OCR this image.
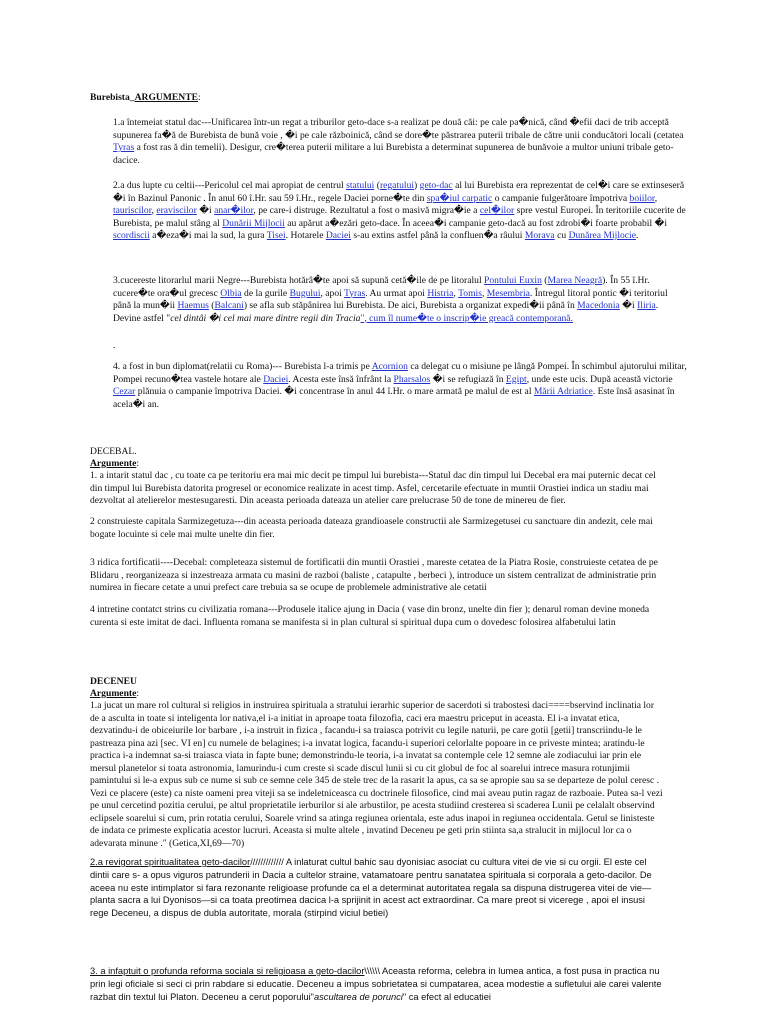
Burebista_ARGUMENTE:
1.a întemeiat statul dac---Unificarea într-un regat a triburilor geto-dace s-a realizat pe două căi: pe cale pa�nică, când �efii daci de trib acceptă supunerea fa�ă de Burebista de bună voie , �i pe cale războinică, când se dore�te păstrarea puterii tribale de către unii conducători locali (cetatea Tyras a fost ras ă din temelii). Desigur, cre�terea puterii militare a lui Burebista a determinat supunerea de bunăvoie a multor uniuni tribale geto-dacice.
2.a dus lupte cu celtii---Pericolul cel mai apropiat de centrul statului (regatului) geto-dac al lui Burebista era reprezentat de cel�i care se extinseseră �i în Bazinul Panonic . În anul 60 î.Hr. sau 59 î.Hr., regele Daciei porne�te din spa�iul carpatic o campanie fulgerătoare împotriva boiilor, tauriscilor, eraviscilor �i anar�ilor, pe care-i distruge. Rezultatul a fost o masivă migra�ie a cel�ilor spre vestul Europei. În teritoriile cucerite de Burebista, pe malul stâng al Dunării Mijlocii au apărut a�ezări geto-dace. În aceea�i campanie geto-dacă au fost zdrobi�i foarte probabil �i scordiscii a�eza�i mai la sud, la gura Tisei. Hotarele Daciei s-au extins astfel până la confluen�a râului Morava cu Dunărea Mijlocie.
3.cucereste litorarlul marii Negre---Burebista hotărâ�te apoi să supună cetă�ile de pe litoralul Pontului Euxin (Marea Neagră). În 55 î.Hr. cucere�te ora�ul grecesc Olbia de la gurile Bugului, apoi Tyras. Au urmat apoi Histria, Tomis, Mesembria. Întregul litoral pontic �i teritoriul până la mun�ii Haemus (Balcani) se afla sub stăpânirea lui Burebista. De aici, Burebista a organizat expedi�ii până în Macedonia �i Iliria. Devine astfel "cel dintâi �i cel mai mare dintre regii din Tracia", cum îl nume�te o inscrip�ie greacă contemporană.
.
4. a fost in bun diplomat(relatii cu Roma)--- Burebista l-a trimis pe Acornion ca delegat cu o misiune pe lângă Pompei. În schimbul ajutorului militar, Pompei recuno�tea vastele hotare ale Daciei. Acesta este însă înfrânt la Pharsalos �i se refugiază în Egipt, unde este ucis. După această victorie Cezar plănuia o campanie împotriva Daciei. �i concentrase în anul 44 î.Hr. o mare armată pe malul de est al Mării Adriatice. Este însă asasinat în acela�i an.
DECEBAL.
Argumente:
1. a intarit statul dac , cu toate ca pe teritoriu era mai mic decit pe timpul lui burebista---Statul dac din timpul lui Decebal era mai puternic decat cel din timpul lui Burebista datorita progresel or economice realizate in acest timp. Asfel, cercetarile efectuate in muntii Orastiei indica un stadiu mai dezvoltat al atelierelor mestesugaresti. Din aceasta perioada dateaza un atelier care prelucrase 50 de tone de minereu de fier.
2 construieste capitala Sarmizegetuza---din aceasta perioada dateaza grandioasele constructii ale Sarmizegetusei cu sanctuare din andezit, cele mai bogate locuinte si cele mai multe unelte din fier.
3 ridica fortificatii----Decebal: completeaza sistemul de fortificatii din muntii Orastiei , mareste cetatea de la Piatra Rosie, construieste cetatea de pe Blidaru , reorganizeaza si inzestreaza armata cu masini de razboi (baliste , catapulte , berbeci ), introduce un sistem centralizat de administratie prin numirea in fiecare cetate a unui prefect care trebuia sa se ocupe de problemele administrative ale cetatii
4 intretine contatct strins cu civilizatia romana---Produsele italice ajung in Dacia ( vase din bronz, unelte din fier ); denarul roman devine moneda curenta si este imitat de daci. Influenta romana se manifesta si in plan cultural si spiritual dupa cum o dovedesc folosirea alfabetului latin
DECENEU
Argumente:
1.a jucat un mare rol cultural si religios in instruirea spirituala a stratului ierarhic superior de sacerdoti si trabostesi daci====bservind inclinatia lor de a asculta in toate si inteligenta lor nativa,el i-a initiat in aproape toata filozofia, caci era maestru priceput in aceasta. El i-a invatat etica, dezvatindu-i de obiceiurile lor barbare , i-a instruit in fizica , facandu-i sa traiasca potrivit cu legile naturii, pe care gotii [getii] transcriindu-le le pastreaza pina azi [sec. VI en] cu numele de belagines; i-a invatat logica, facandu-i superiori celorlalte popoare in ce priveste mintea; aratindu-le practica i-a indemnat sa-si traiasca viata in fapte bune; demonstrindu-le teoria, i-a invatat sa contemple cele 12 semne ale zodiacului iar prin ele mersul planetelor si toata astronomia, lamurindu-i cum creste si scade discul lunii si cu cit globul de foc al soarelui intrece masura rotunjimii pamintului si le-a expus sub ce nume si sub ce semne cele 345 de stele trec de la rasarit la apus, ca sa se apropie sau sa se departeze de polul ceresc . Vezi ce placere (este) ca niste oameni prea viteji sa se indeletniceasca cu doctrinele filosofice, cind mai aveau putin ragaz de razboaie. Putea sa-l vezi pe unul cercetind pozitia cerului, pe altul proprietatile ierburilor si ale arbustilor, pe acesta studiind cresterea si scaderea Lunii pe celalalt observind eclipsele soarelui si cum, prin rotatia cerului, Soarele vrind sa atinga regiunea orientala, este adus inapoi in regiunea occidentala. Getul se linisteste de indata ce primeste explicatia acestor lucruri. Aceasta si multe altele , invatind Deceneu pe geti prin stiinta sa,a stralucit in mijlocul lor ca o adevarata minune ." (Getica,XI,69—70)
2.a revigorat spiritualitatea geto-dacilor///////////// A inlaturat cultul bahic sau dyonisiac asociat cu cultura vitei de vie si cu orgii. El este cel dintii care s- a opus viguros patrunderii in Dacia a cultelor straine, vatamatoare pentru sanatatea spirituala si corporala a geto-dacilor. De aceea nu este intimplator si fara rezonante religioase profunde ca el a determinat autoritatea regala sa dispuna distrugerea vitei de vie—planta sacra a lui Dyonisos—si ca toata preotimea dacica l-a sprijinit in acest act extraordinar. Ca mare preot si viceregе , apoi el insusi rege Deceneu, a dispus de dubla autoritate, morala (stirpind viciul betiei)
3. a infaptuit o profunda reforma sociala si religioasa a geto-dacilor\\\\\\ Aceasta reforma, celebra in lumea antica, a fost pusa in practica nu prin legi oficiale si seci ci prin rabdare si educatie. Deceneu a impus sobrietatea si cumpatarea, acea modestie a sufletului ale carei valente razbat din textul lui Platon. Deceneu a cerut poporului"ascultarea de porunci" ca efect al educatiei
